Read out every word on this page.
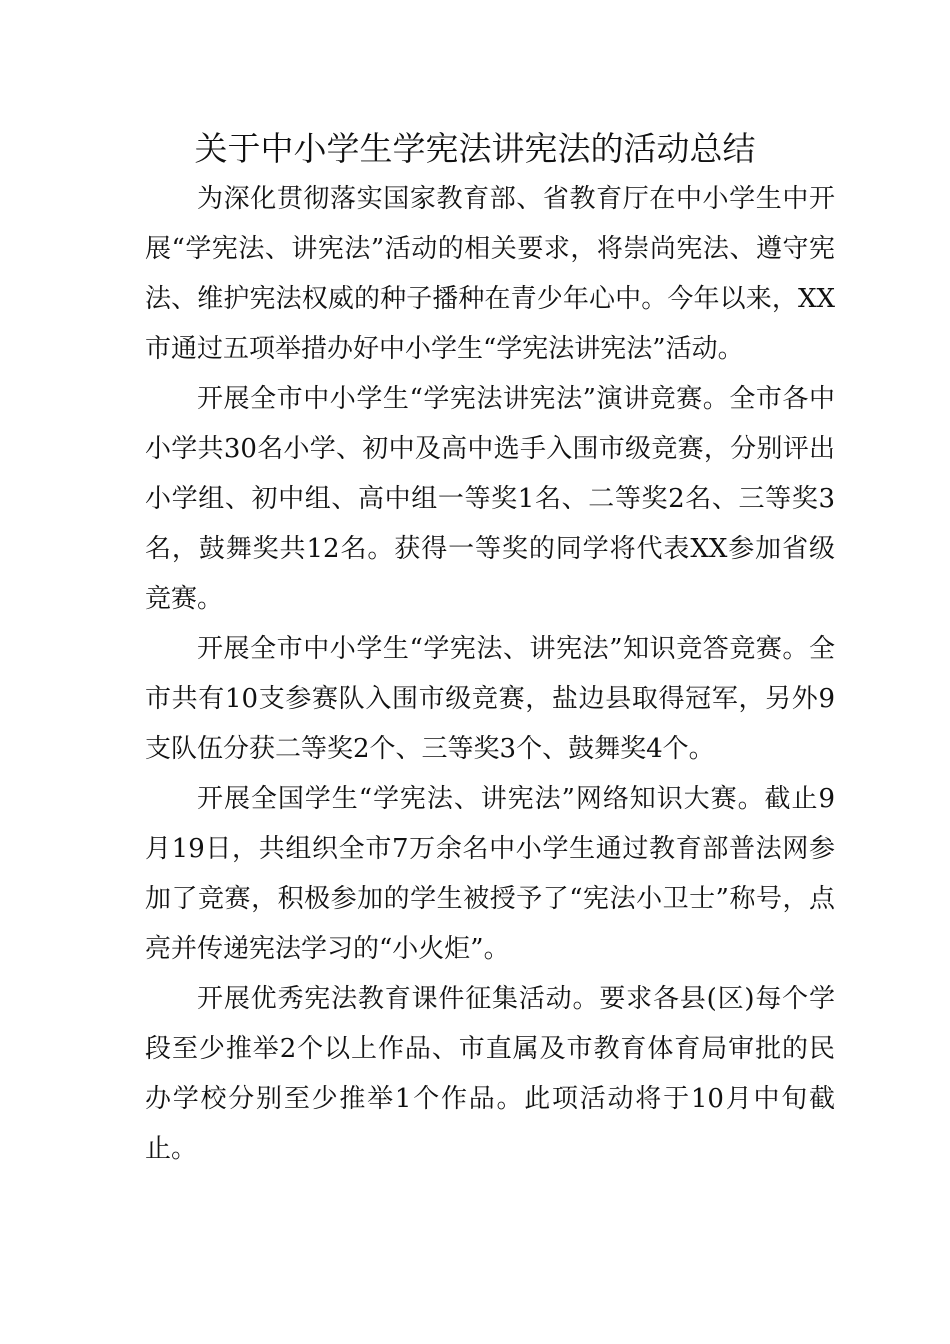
关于中小学生学宪法讲宪法的活动总结

为深化贯彻落实国家教育部、省教育厅在中小学生中开展“学宪法、讲宪法”活动的相关要求，将崇尚宪法、遵守宪法、维护宪法权威的种子播种在青少年心中。今年以来，XX市通过五项举措办好中小学生“学宪法讲宪法”活动。

开展全市中小学生“学宪法讲宪法”演讲竞赛。全市各中小学共30名小学、初中及高中选手入围市级竞赛，分别评出小学组、初中组、高中组一等奖1名、二等奖2名、三等奖3名，鼓舞奖共12名。获得一等奖的同学将代表XX参加省级竞赛。

开展全市中小学生“学宪法、讲宪法”知识竞答竞赛。全市共有10支参赛队入围市级竞赛，盐边县取得冠军，另外9支队伍分获二等奖2个、三等奖3个、鼓舞奖4个。

开展全国学生“学宪法、讲宪法”网络知识大赛。截止9月19日，共组织全市7万余名中小学生通过教育部普法网参加了竞赛，积极参加的学生被授予了“宪法小卫士”称号，点亮并传递宪法学习的“小火炬”。

开展优秀宪法教育课件征集活动。要求各县(区)每个学段至少推举2个以上作品、市直属及市教育体育局审批的民办学校分别至少推举1个作品。此项活动将于10月中旬截止。
